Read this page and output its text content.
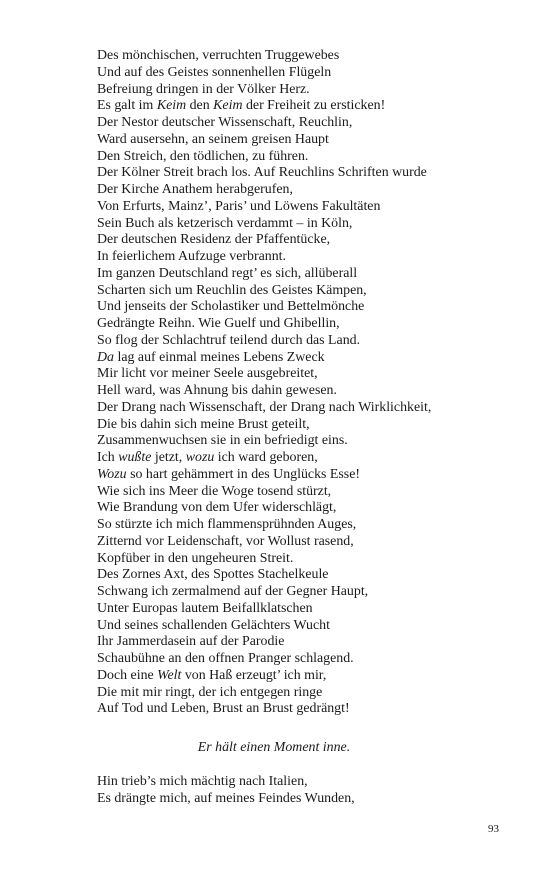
Des mönchischen, verruchten Truggewebes
Und auf des Geistes sonnenhellen Flügeln
Befreiung dringen in der Völker Herz.
Es galt im Keim den Keim der Freiheit zu ersticken!
Der Nestor deutscher Wissenschaft, Reuchlin,
Ward ausersehn, an seinem greisen Haupt
Den Streich, den tödlichen, zu führen.
Der Kölner Streit brach los. Auf Reuchlins Schriften wurde
Der Kirche Anathem herabgerufen,
Von Erfurts, Mainz’, Paris’ und Löwens Fakultäten
Sein Buch als ketzerisch verdammt – in Köln,
Der deutschen Residenz der Pfaffentücke,
In feierlichem Aufzuge verbrannt.
Im ganzen Deutschland regt’ es sich, allüberall
Scharten sich um Reuchlin des Geistes Kämpen,
Und jenseits der Scholastiker und Bettelmönche
Gedrängte Reihn. Wie Guelf und Ghibellin,
So flog der Schlachtruf teilend durch das Land.
Da lag auf einmal meines Lebens Zweck
Mir licht vor meiner Seele ausgebreitet,
Hell ward, was Ahnung bis dahin gewesen.
Der Drang nach Wissenschaft, der Drang nach Wirklichkeit,
Die bis dahin sich meine Brust geteilt,
Zusammenwuchsen sie in ein befriedigt eins.
Ich wußte jetzt, wozu ich ward geboren,
Wozu so hart gehämmert in des Unglücks Esse!
Wie sich ins Meer die Woge tosend stürzt,
Wie Brandung von dem Ufer widerschlägt,
So stürzte ich mich flammensprühnden Auges,
Zitternd vor Leidenschaft, vor Wollust rasend,
Kopfüber in den ungeheuren Streit.
Des Zornes Axt, des Spottes Stachelkeule
Schwang ich zermalmend auf der Gegner Haupt,
Unter Europas lautem Beifallklatschen
Und seines schallenden Gelächters Wucht
Ihr Jammerdasein auf der Parodie
Schaubühne an den offnen Pranger schlagend.
Doch eine Welt von Haß erzeugt’ ich mir,
Die mit mir ringt, der ich entgegen ringe
Auf Tod und Leben, Brust an Brust gedrängt!
Er hält einen Moment inne.
Hin trieb’s mich mächtig nach Italien,
Es drängte mich, auf meines Feindes Wunden,
93
